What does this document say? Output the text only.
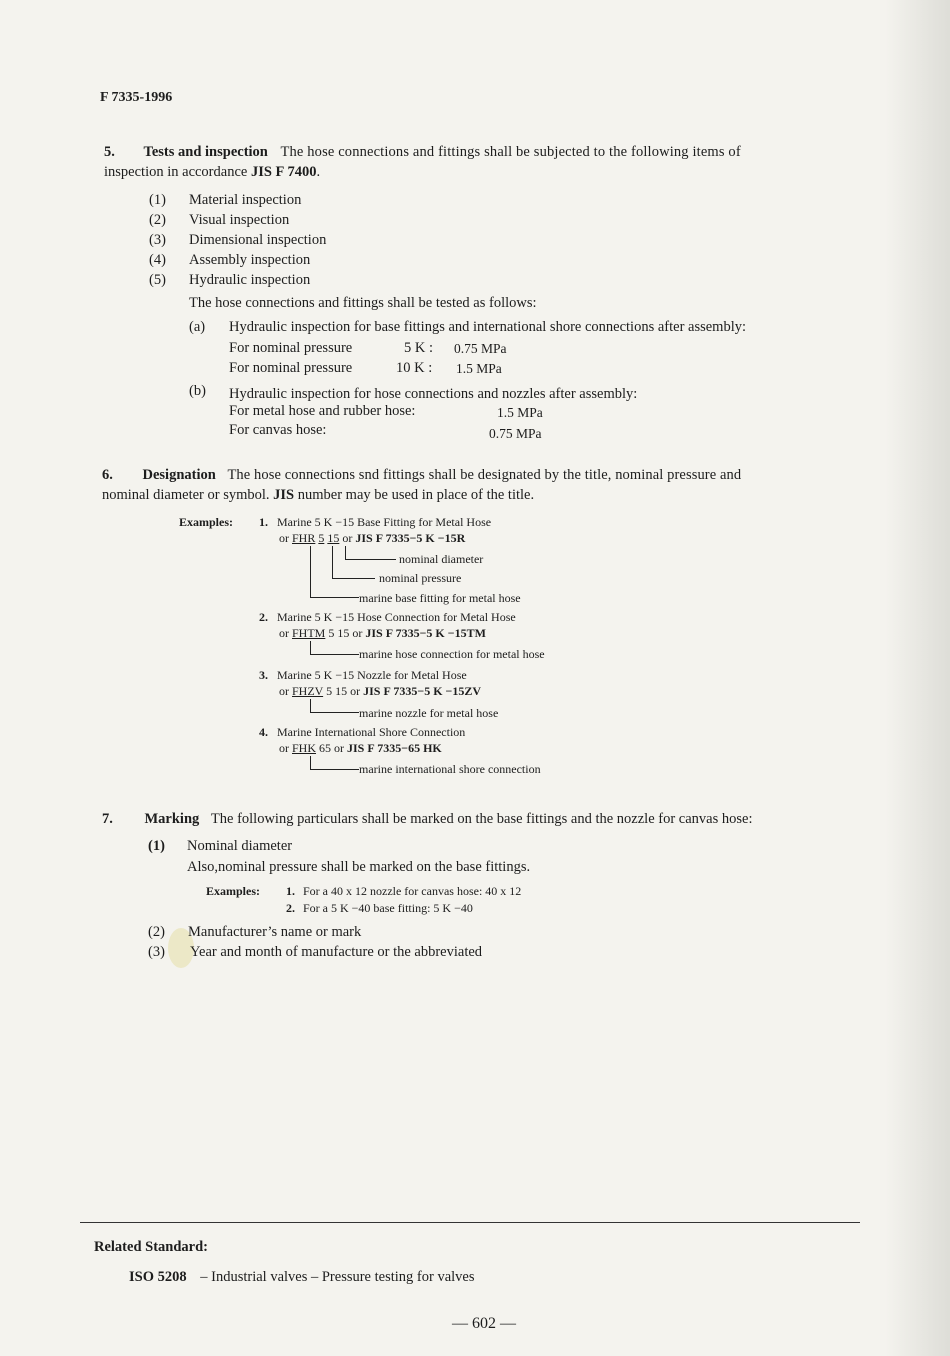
F 7335-1996
5. Tests and inspection The hose connections and fittings shall be subjected to the following items of
inspection in accordance JIS F 7400.
(1) Material inspection
(2) Visual inspection
(3) Dimensional inspection
(4) Assembly inspection
(5) Hydraulic inspection
The hose connections and fittings shall be tested as follows:
(a) Hydraulic inspection for base fittings and international shore connections after assembly:
For nominal pressure	5 K : 0.75 MPa
For nominal pressure	10 K : 1.5 MPa
(b) Hydraulic inspection for hose connections and nozzles after assembly:
For metal hose and rubber hose:	1.5 MPa
For canvas hose:	0.75 MPa
6. Designation The hose connections snd fittings shall be designated by the title, nominal pressure and
nominal diameter or symbol. JIS number may be used in place of the title.
Examples: 1. Marine 5 K −15 Base Fitting for Metal Hose
or FHR 5 15 or JIS F 7335−5 K −15R
nominal diameter
nominal pressure
marine base fitting for metal hose
2. Marine 5 K −15 Hose Connection for Metal Hose
or FHTM 5 15 or JIS F 7335−5 K −15TM
marine hose connection for metal hose
3. Marine 5 K −15 Nozzle for Metal Hose
or FHZV 5 15 or JIS F 7335−5 K −15ZV
marine nozzle for metal hose
4. Marine International Shore Connection
or FHK 65 or JIS F 7335−65 HK
marine international shore connection
7. Marking The following particulars shall be marked on the base fittings and the nozzle for canvas hose:
(1) Nominal diameter
Also,nominal pressure shall be marked on the base fittings.
Examples: 1. For a 40 x 12 nozzle for canvas hose: 40 x 12
2. For a 5 K −40 base fitting: 5 K −40
(2) Manufacturer’s name or mark
(3) Year and month of manufacture or the abbreviated
Related Standard:
ISO 5208 – Industrial valves – Pressure testing for valves
— 602 —
